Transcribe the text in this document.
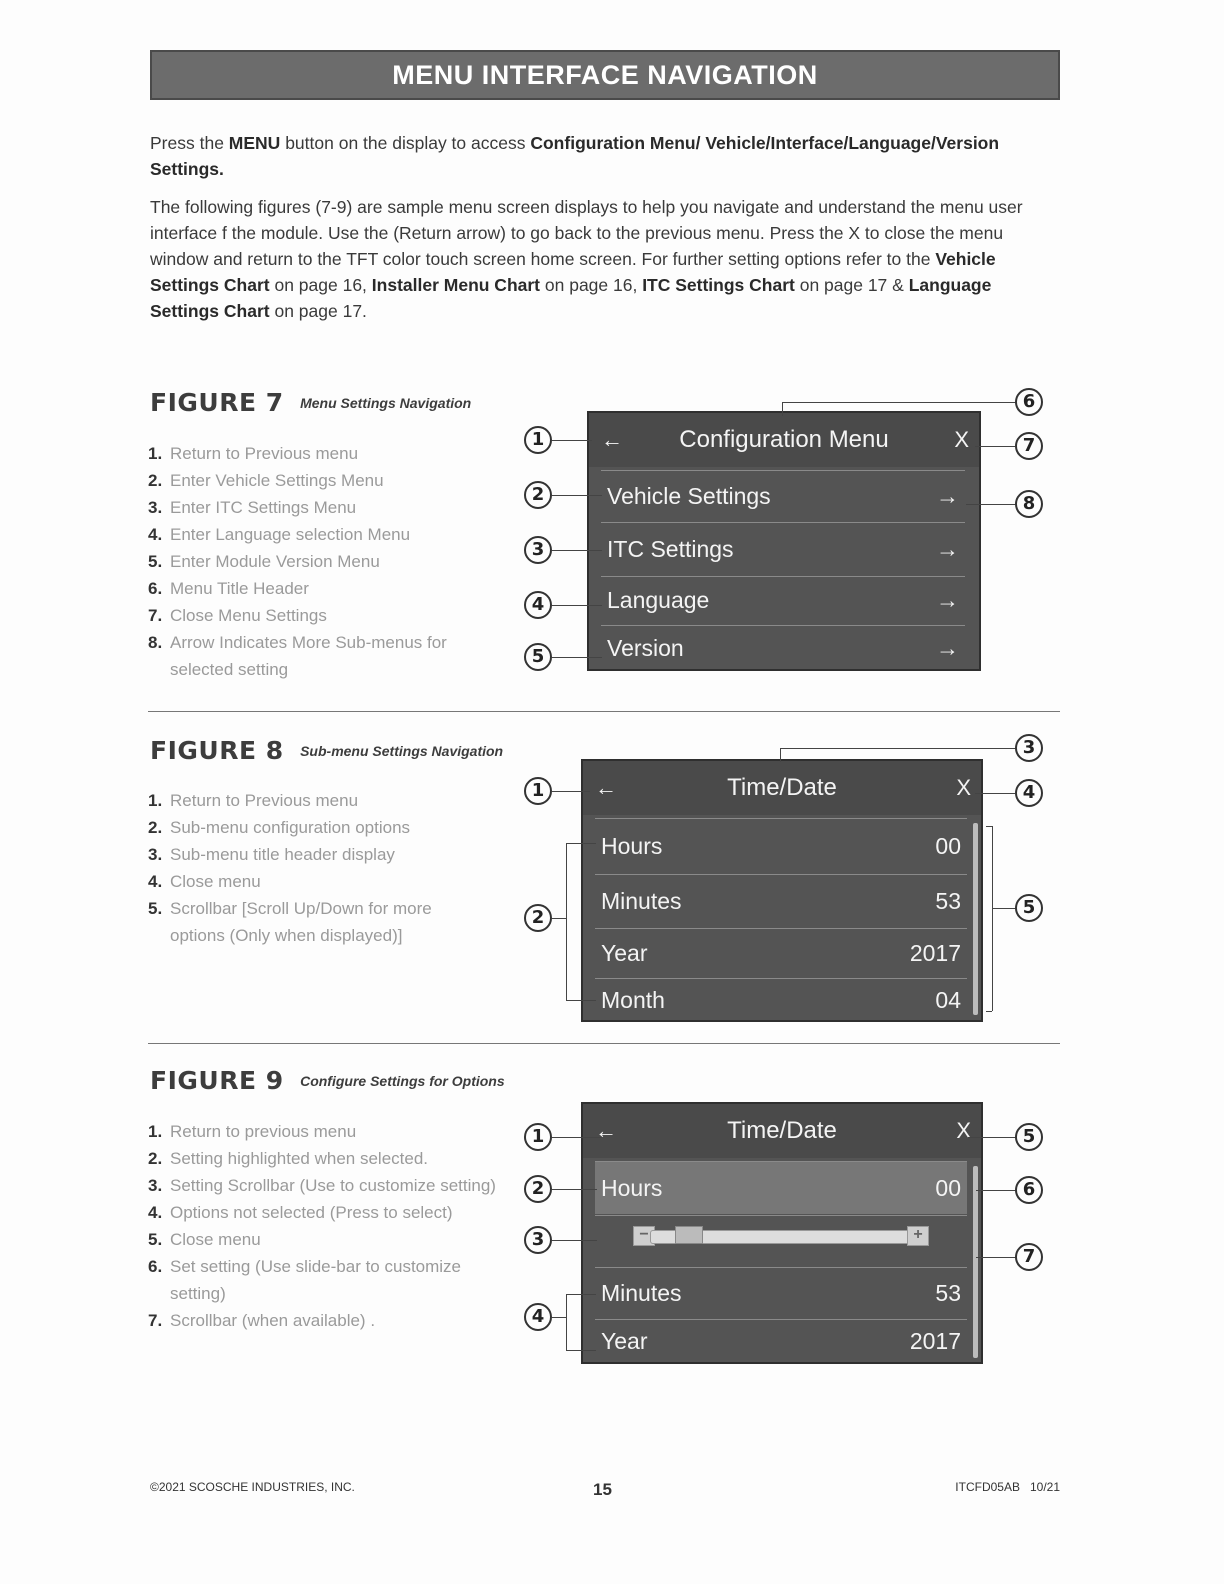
MENU INTERFACE NAVIGATION
Press the MENU button on the display to access Configuration Menu/ Vehicle/Interface/Language/Version Settings.
The following figures (7-9) are sample menu screen displays to help you navigate and understand the menu user interface f the module. Use the (Return arrow) to go back to the previous menu. Press the X to close the menu window and return to the TFT color touch screen home screen. For further setting options refer to the Vehicle Settings Chart on page 16, Installer Menu Chart on page 16, ITC Settings Chart on page 17 & Language Settings Chart on page 17.
FIGURE 7 Menu Settings Navigation
1. Return to Previous menu
2. Enter Vehicle Settings Menu
3. Enter ITC Settings Menu
4. Enter Language selection Menu
5. Enter Module Version Menu
6. Menu Title Header
7. Close Menu Settings
8. Arrow Indicates More Sub-menus for selected setting
←	Configuration Menu	X
Vehicle Settings	→
ITC Settings	→
Language	→
Version	→
1
2
3
4
5
6
7
8
FIGURE 8 Sub-menu Settings Navigation
1. Return to Previous menu
2. Sub-menu configuration options
3. Sub-menu title header display
4. Close menu
5. Scrollbar [Scroll Up/Down for more options (Only when displayed)]
←	Time/Date	X
Hours	00
Minutes	53
Year	2017
Month	04
1
2
3
4
5
FIGURE 9 Configure Settings for Options
1. Return to previous menu
2. Setting highlighted when selected.
3. Setting Scrollbar (Use to customize setting)
4. Options not selected (Press to select)
5. Close menu
6. Set setting (Use slide-bar to customize setting)
7. Scrollbar (when available) .
←	Time/Date	X
Hours	00
−	+
Minutes	53
Year	2017
1
2
3
4
5
6
7
©2021 SCOSCHE INDUSTRIES, INC.	15	ITCFD05AB   10/21
